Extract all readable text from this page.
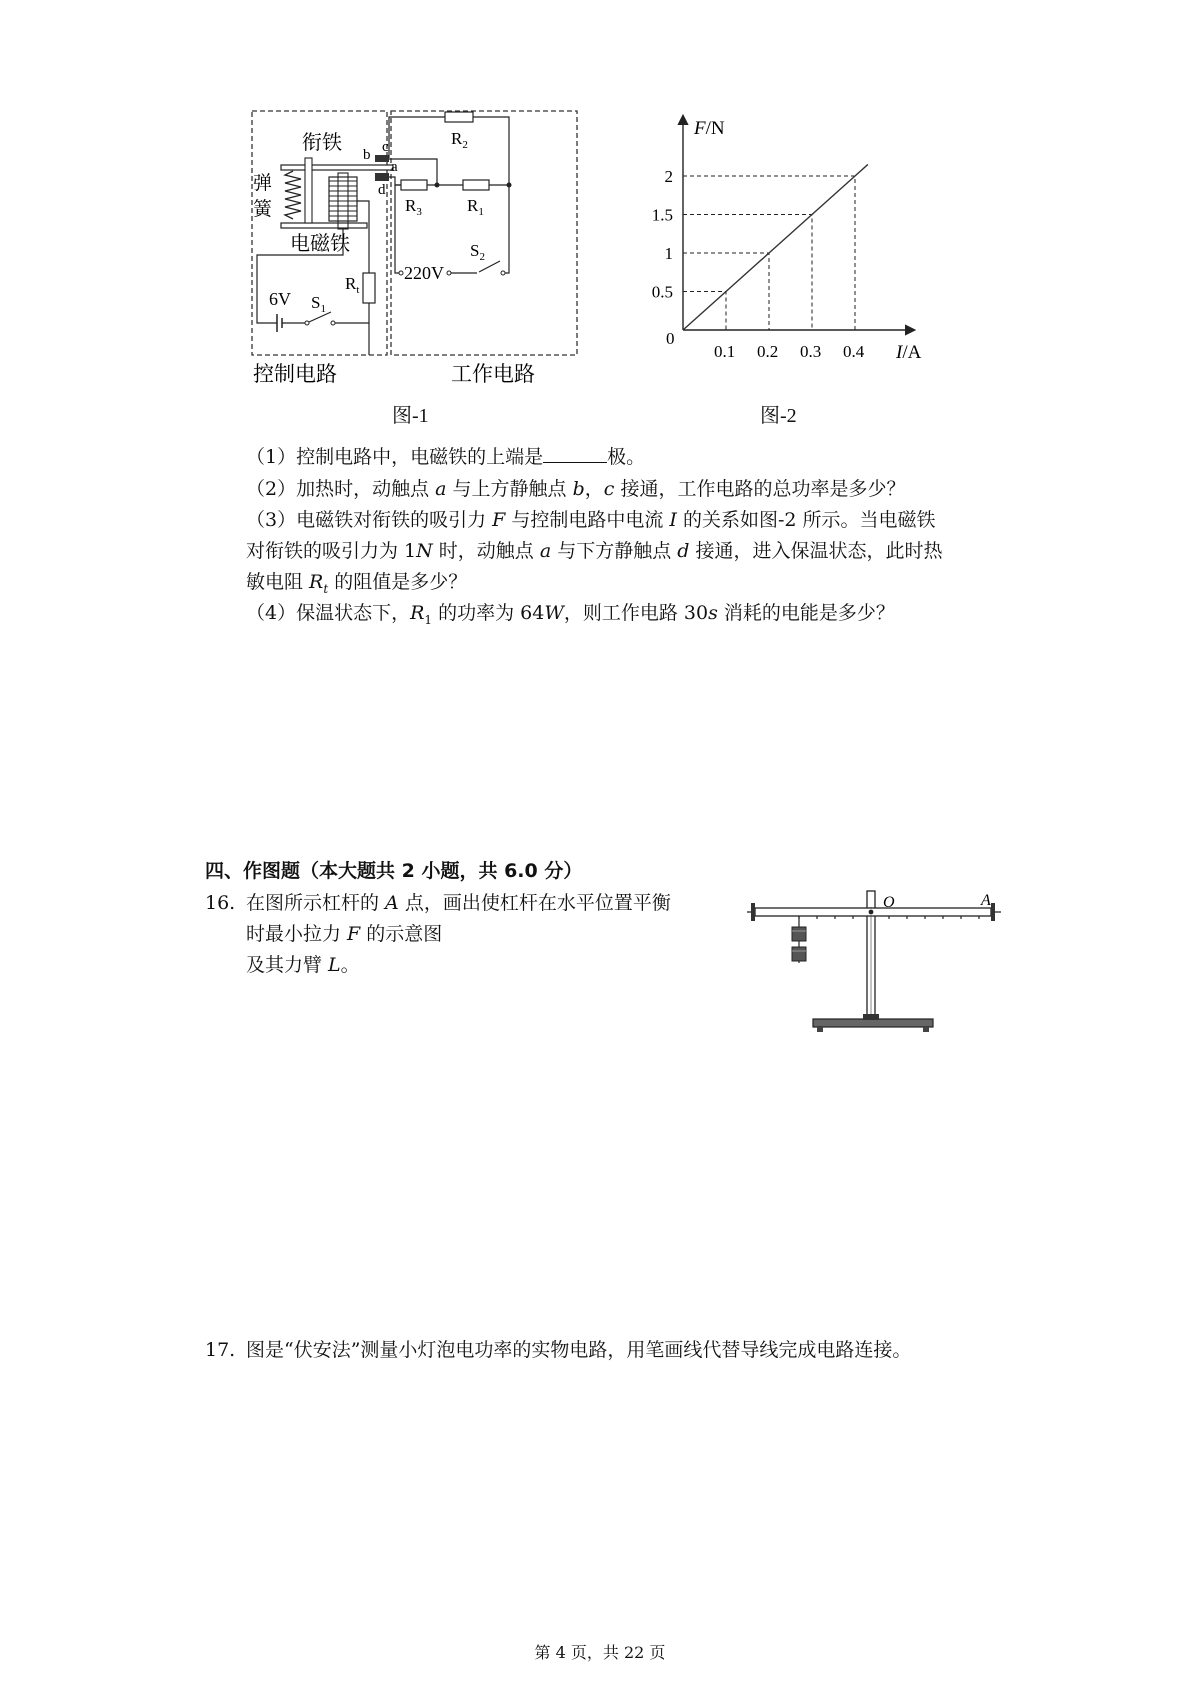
衔铁
弹
簧
电磁铁
b c
a
d
$R_2$
$R_3$	$R_1$
$R_t$
220V
$S_2$
6V $S_1$
控制电路	工作电路
图-1
0.1 0.2 0.3 0.4
0.5
1
1.5
2
F/N
I/A
0
图-2
（1）控制电路中，电磁铁的上端是	极。
（2）加热时，动触点 a 与上方静触点 b，c 接通，工作电路的总功率是多少？
（3）电磁铁对衔铁的吸引力 F 与控制电路中电流 I 的关系如图-2 所示。当电磁铁
对衔铁的吸引力为 1N 时，动触点 a 与下方静触点 d 接通，进入保温状态，此时热
敏电阻 $R_t$ 的阻值是多少？
（4）保温状态下，$R_1$ 的功率为 64W，则工作电路 30s 消耗的电能是多少？
四、作图题（本大题共 2 小题，共 6.0 分）
16. 在图所示杠杆的 A 点，画出使杠杆在水平位置平衡
时最小拉力 F 的示意图
及其力臂 L。
O	A
17. 图是“伏安法”测量小灯泡电功率的实物电路，用笔画线代替导线完成电路连接。
第 4 页，共 22 页
